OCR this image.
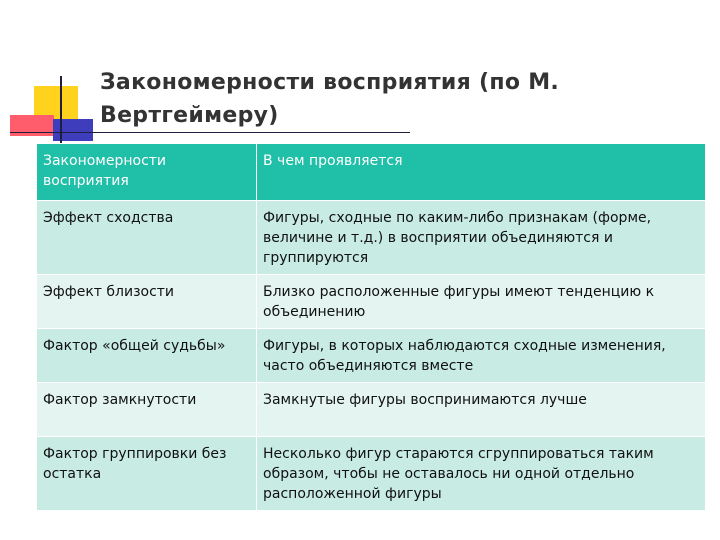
Закономерности восприятия (по М. Вертгеймеру)
Закономерности восприятия	В чем проявляется
Эффект сходства	Фигуры, сходные по каким-либо признакам (форме, величине и т.д.) в восприятии объединяются и группируются
Эффект близости	Близко расположенные фигуры имеют тенденцию к объединению
Фактор «общей судьбы»	Фигуры, в которых наблюдаются сходные изменения, часто объединяются вместе
Фактор замкнутости	Замкнутые фигуры воспринимаются лучше
Фактор группировки без остатка	Несколько фигур стараются сгруппироваться таким образом, чтобы не оставалось ни одной отдельно расположенной фигуры
